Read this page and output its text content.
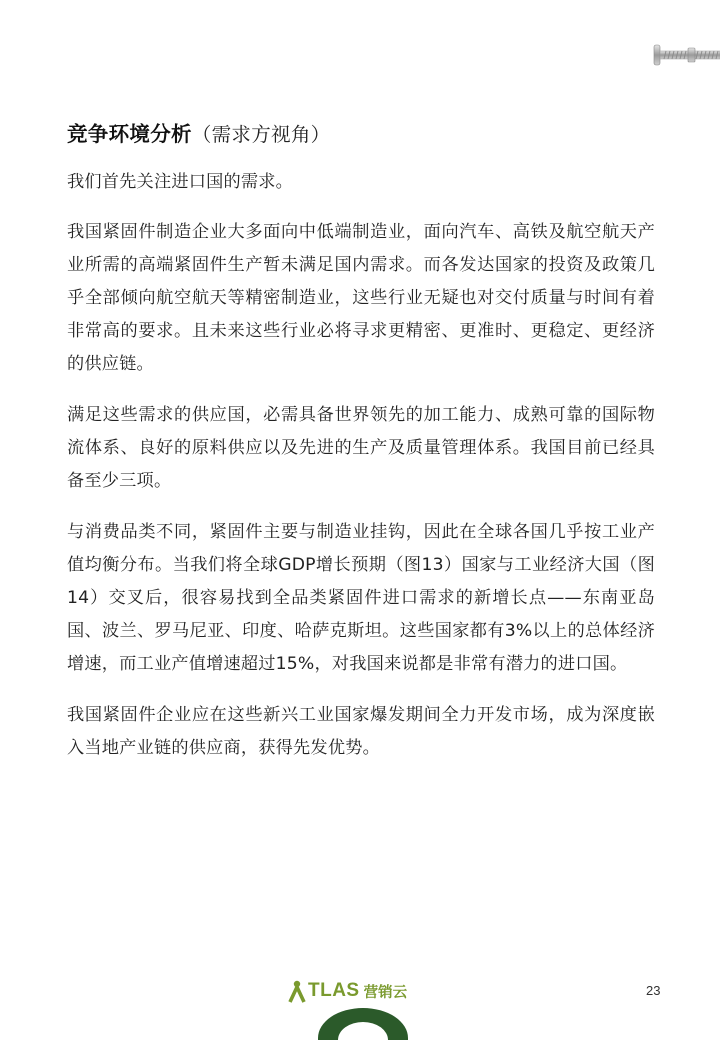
竞争环境分析（需求方视角）

我们首先关注进口国的需求。

我国紧固件制造企业大多面向中低端制造业，面向汽车、高铁及航空航天产业所需的高端紧固件生产暂未满足国内需求。而各发达国家的投资及政策几乎全部倾向航空航天等精密制造业，这些行业无疑也对交付质量与时间有着非常高的要求。且未来这些行业必将寻求更精密、更准时、更稳定、更经济的供应链。

满足这些需求的供应国，必需具备世界领先的加工能力、成熟可靠的国际物流体系、良好的原料供应以及先进的生产及质量管理体系。我国目前已经具备至少三项。

与消费品类不同，紧固件主要与制造业挂钩，因此在全球各国几乎按工业产值均衡分布。当我们将全球GDP增长预期（图13）国家与工业经济大国（图14）交叉后，很容易找到全品类紧固件进口需求的新增长点——东南亚岛国、波兰、罗马尼亚、印度、哈萨克斯坦。这些国家都有3%以上的总体经济增速，而工业产值增速超过15%，对我国来说都是非常有潜力的进口国。

我国紧固件企业应在这些新兴工业国家爆发期间全力开发市场，成为深度嵌入当地产业链的供应商，获得先发优势。

TLAS 营销云	23
